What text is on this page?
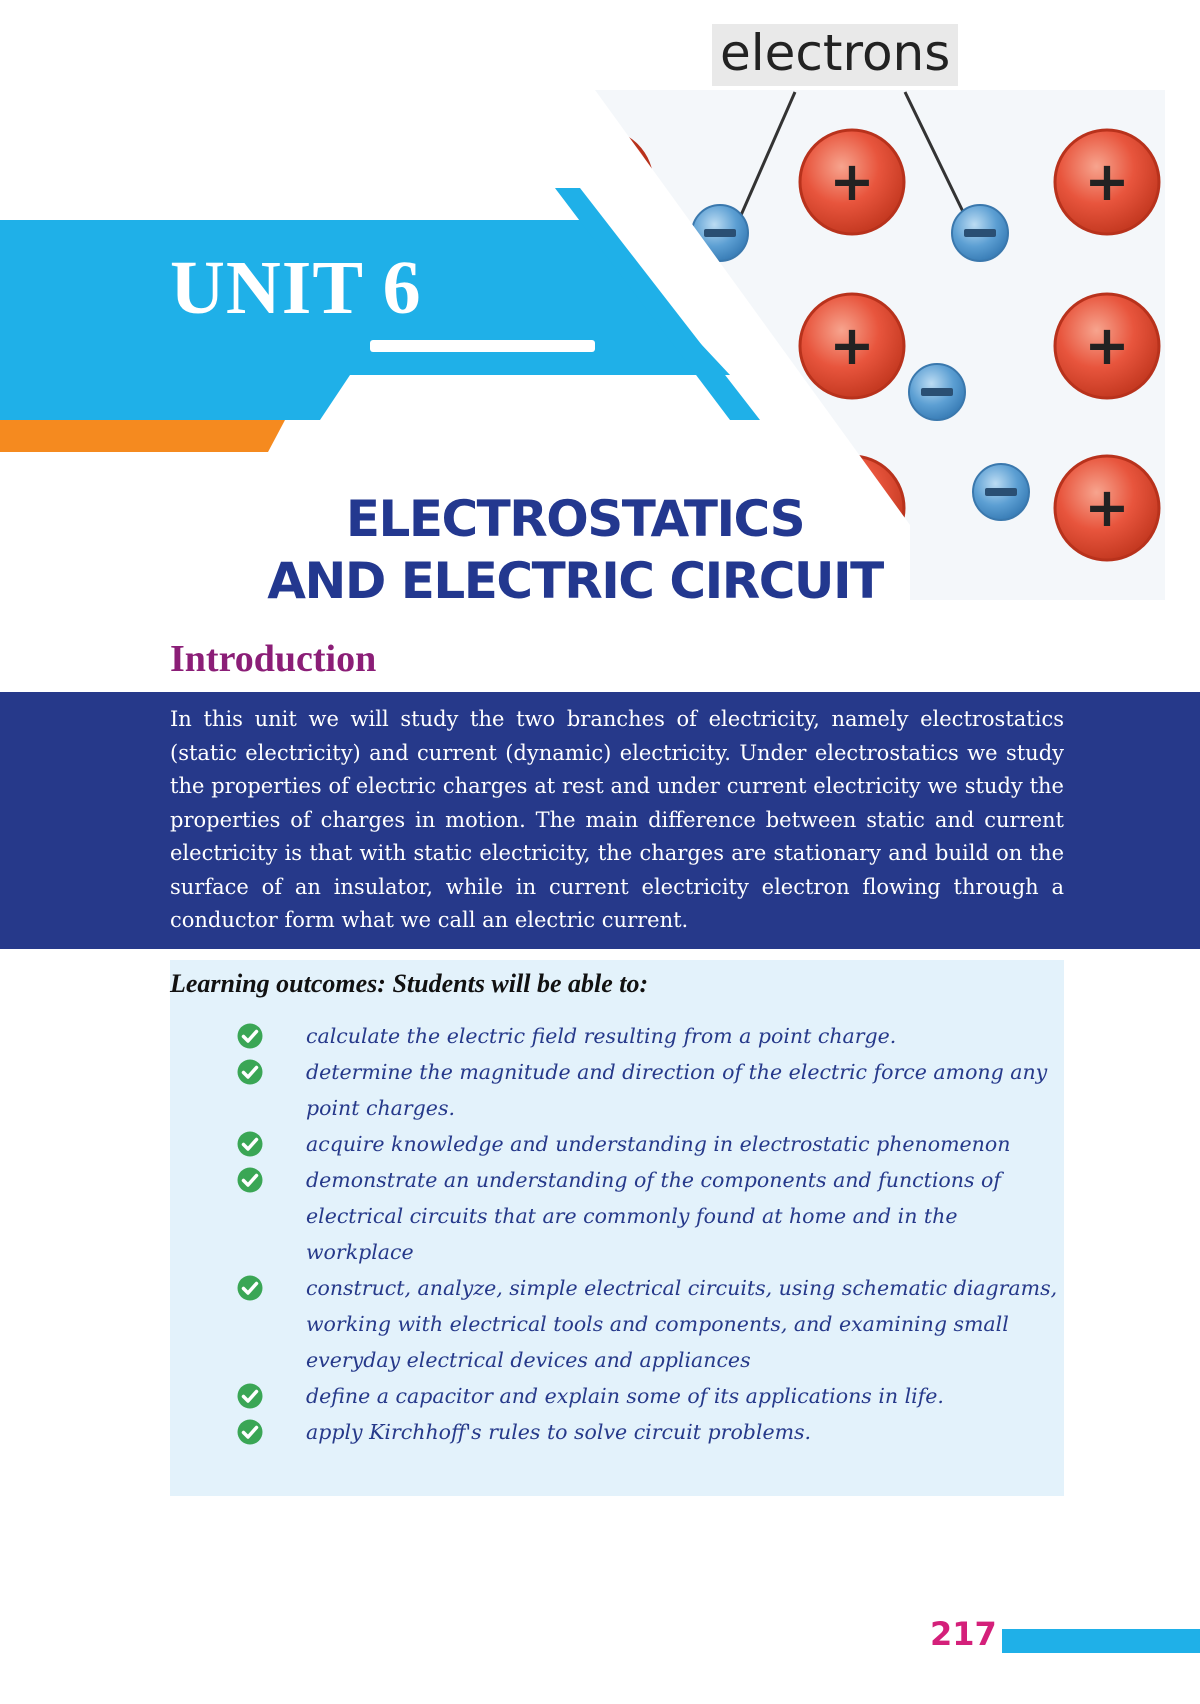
+	+
+	+
+

electrons

UNIT 6
ELECTROSTATICS
AND ELECTRIC CIRCUIT
Introduction

In this unit we will study the two branches of electricity, namely electrostatics (static electricity) and current (dynamic) electricity. Under electrostatics we study the properties of electric charges at rest and under current electricity we study the properties of charges in motion. The main difference between static and current electricity is that with static electricity, the charges are stationary and build on the surface of an insulator, while in current electricity electron flowing through a conductor form what we call an electric current.

Learning outcomes: Students will be able to:
calculate the electric field resulting from a point charge.
determine the magnitude and direction of the electric force among any point charges.
acquire knowledge and understanding in electrostatic phenomenon
demonstrate an understanding of the components and functions of electrical circuits that are commonly found at home and in the workplace
construct, analyze, simple electrical circuits, using schematic diagrams, working with electrical tools and components, and examining small everyday electrical devices and appliances
define a capacitor and explain some of its applications in life.
apply Kirchhoff's rules to solve circuit problems.

217
